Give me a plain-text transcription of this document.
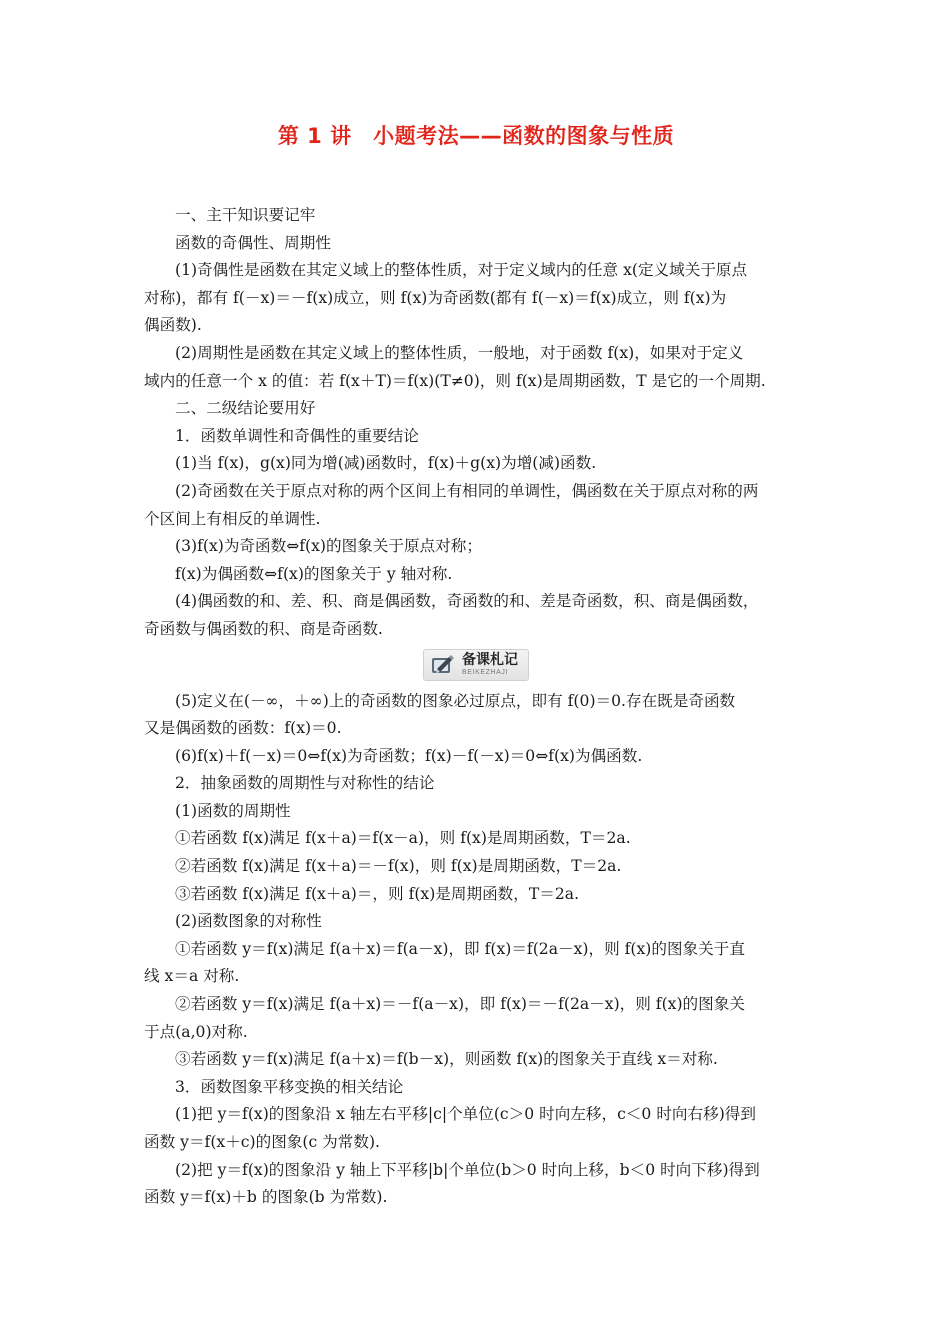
第 1 讲　小题考法——函数的图象与性质
一、主干知识要记牢
函数的奇偶性、周期性
(1)奇偶性是函数在其定义域上的整体性质，对于定义域内的任意 x(定义域关于原点
对称)，都有 f(－x)＝－f(x)成立，则 f(x)为奇函数(都有 f(－x)＝f(x)成立，则 f(x)为
偶函数).
(2)周期性是函数在其定义域上的整体性质，一般地，对于函数 f(x)，如果对于定义
域内的任意一个 x 的值：若 f(x＋T)＝f(x)(T≠0)，则 f(x)是周期函数，T 是它的一个周期.
二、二级结论要用好
1．函数单调性和奇偶性的重要结论
(1)当 f(x)，g(x)同为增(减)函数时，f(x)＋g(x)为增(减)函数.
(2)奇函数在关于原点对称的两个区间上有相同的单调性，偶函数在关于原点对称的两
个区间上有相反的单调性.
(3)f(x)为奇函数⇔f(x)的图象关于原点对称；
f(x)为偶函数⇔f(x)的图象关于 y 轴对称.
(4)偶函数的和、差、积、商是偶函数，奇函数的和、差是奇函数，积、商是偶函数，
奇函数与偶函数的积、商是奇函数.
备课札记
BEIKEZHAJI
(5)定义在(－∞，＋∞)上的奇函数的图象必过原点，即有 f(0)＝0.存在既是奇函数
又是偶函数的函数：f(x)＝0.
(6)f(x)＋f(－x)＝0⇔f(x)为奇函数；f(x)－f(－x)＝0⇔f(x)为偶函数.
2．抽象函数的周期性与对称性的结论
(1)函数的周期性
①若函数 f(x)满足 f(x＋a)＝f(x－a)，则 f(x)是周期函数，T＝2a.
②若函数 f(x)满足 f(x＋a)＝－f(x)，则 f(x)是周期函数，T＝2a.
③若函数 f(x)满足 f(x＋a)＝，则 f(x)是周期函数，T＝2a.
(2)函数图象的对称性
①若函数 y＝f(x)满足 f(a＋x)＝f(a－x)，即 f(x)＝f(2a－x)，则 f(x)的图象关于直
线 x＝a 对称.
②若函数 y＝f(x)满足 f(a＋x)＝－f(a－x)，即 f(x)＝－f(2a－x)，则 f(x)的图象关
于点(a,0)对称.
③若函数 y＝f(x)满足 f(a＋x)＝f(b－x)，则函数 f(x)的图象关于直线 x＝对称.
3．函数图象平移变换的相关结论
(1)把 y＝f(x)的图象沿 x 轴左右平移|c|个单位(c＞0 时向左移，c＜0 时向右移)得到
函数 y＝f(x＋c)的图象(c 为常数).
(2)把 y＝f(x)的图象沿 y 轴上下平移|b|个单位(b＞0 时向上移，b＜0 时向下移)得到
函数 y＝f(x)＋b 的图象(b 为常数).
